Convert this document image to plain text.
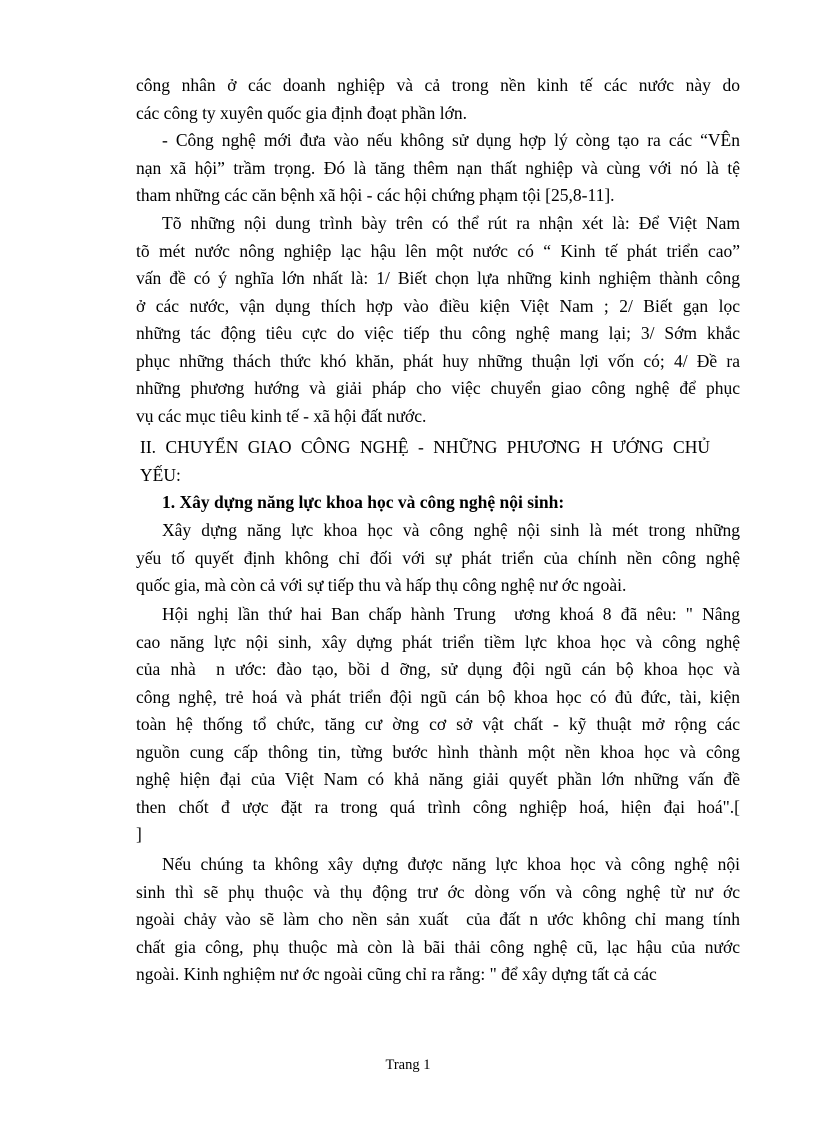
công nhân ở các doanh nghiệp và cả trong nền kinh tế các nước này do
các công ty xuyên quốc gia định đoạt phần lớn.
- Công nghệ mới đưa vào nếu không sử dụng hợp lý còng tạo ra các “VÊn
nạn xã hội” trầm trọng. Đó là tăng thêm nạn thất nghiệp và cùng với nó là tệ
tham những các căn bệnh xã hội - các hội chứng phạm tội [25,8-11].
Tõ những nội dung trình bày trên có thể rút ra nhận xét là: Để Việt Nam
tõ mét nước nông nghiệp lạc hậu lên một nước có “ Kinh tế phát triển cao”
vấn đề có ý nghĩa lớn nhất là: 1/ Biết chọn lựa những kinh nghiệm thành công
ở các nước, vận dụng thích hợp vào điều kiện Việt Nam ; 2/ Biết gạn lọc
những tác động tiêu cực do việc tiếp thu công nghệ mang lại; 3/ Sớm khắc
phục những thách thức khó khăn, phát huy những thuận lợi vốn có; 4/ Đề ra
những phương hướng và giải pháp cho việc chuyển giao công nghệ để phục
vụ các mục tiêu kinh tế - xã hội đất nước.
II. CHUYỂN GIAO CÔNG NGHỆ - NHỮNG PHƯƠNG H ƯỚNG CHỦ
YẾU:
1. Xây dựng năng lực khoa học và công nghệ nội sinh:
Xây dựng năng lực khoa học và công nghệ nội sinh là mét trong những
yếu tố quyết định không chỉ đối với sự phát triển của chính nền công nghệ
quốc gia, mà còn cả với sự tiếp thu và hấp thụ công nghệ nư ớc ngoài.
Hội nghị lần thứ hai Ban chấp hành Trung  ương khoá 8 đã nêu: " Nâng
cao năng lực nội sinh, xây dựng phát triển tiềm lực khoa học và công nghệ
của nhà  n ước: đào tạo, bồi d ỡng, sử dụng đội ngũ cán bộ khoa học và
công nghệ, trẻ hoá và phát triển đội ngũ cán bộ khoa học có đủ đức, tài, kiện
toàn hệ thống tổ chức, tăng cư ờng cơ sở vật chất - kỹ thuật mở rộng các
nguồn cung cấp thông tin, từng bước hình thành một nền khoa học và công
nghệ hiện đại của Việt Nam có khả năng giải quyết phần lớn những vấn đề
then chốt đ ược đặt ra trong quá trình công nghiệp hoá, hiện đại hoá".[
]
Nếu chúng ta không xây dựng được năng lực khoa học và công nghệ nội
sinh thì sẽ phụ thuộc và thụ động trư ớc dòng vốn và công nghệ từ nư ớc
ngoài chảy vào sẽ làm cho nền sản xuất  của đất n ước không chỉ mang tính
chất gia công, phụ thuộc mà còn là bãi thải công nghệ cũ, lạc hậu của nước
ngoài. Kinh nghiệm nư ớc ngoài cũng chỉ ra rằng: " để xây dựng tất cả các
Trang 1
